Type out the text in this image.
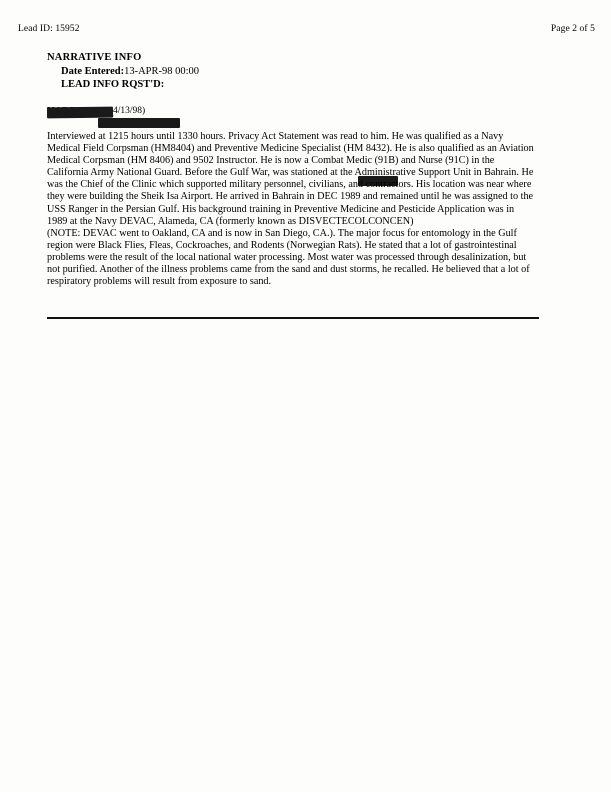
Lead ID: 15952	Page 2 of 5
NARRATIVE INFO
Date Entered:13-APR-98 00:00
LEAD INFO RQST'D:
4/13/98)

Interviewed at 1215 hours until 1330 hours. Privacy Act Statement was read to him. He was qualified as a Navy Medical Field Corpsman (HM8404) and Preventive Medicine Specialist (HM 8432). He is also qualified as an Aviation Medical Corpsman (HM 8406) and 9502 Instructor. He is now a Combat Medic (91B) and Nurse (91C) in the California Army National Guard. Before the Gulf War, was stationed at the Administrative Support Unit in Bahrain. He was the Chief of the Clinic which supported military personnel, civilians, and contractors. His location was near where they were building the Sheik Isa Airport. He arrived in Bahrain in DEC 1989 and remained until he was assigned to the USS Ranger in the Persian Gulf. His background training in Preventive Medicine and Pesticide Application was in 1989 at the Navy DEVAC, Alameda, CA (formerly known as DISVECTECOLCONCEN)

(NOTE: DEVAC went to Oakland, CA and is now in San Diego, CA.). The major focus for entomology in the Gulf region were Black Flies, Fleas, Cockroaches, and Rodents (Norwegian Rats). He stated that a lot of gastrointestinal problems were the result of the local national water processing. Most water was processed through desalinization, but not purified. Another of the illness problems came from the sand and dust storms, he recalled. He believed that a lot of respiratory problems will result from exposure to sand.
